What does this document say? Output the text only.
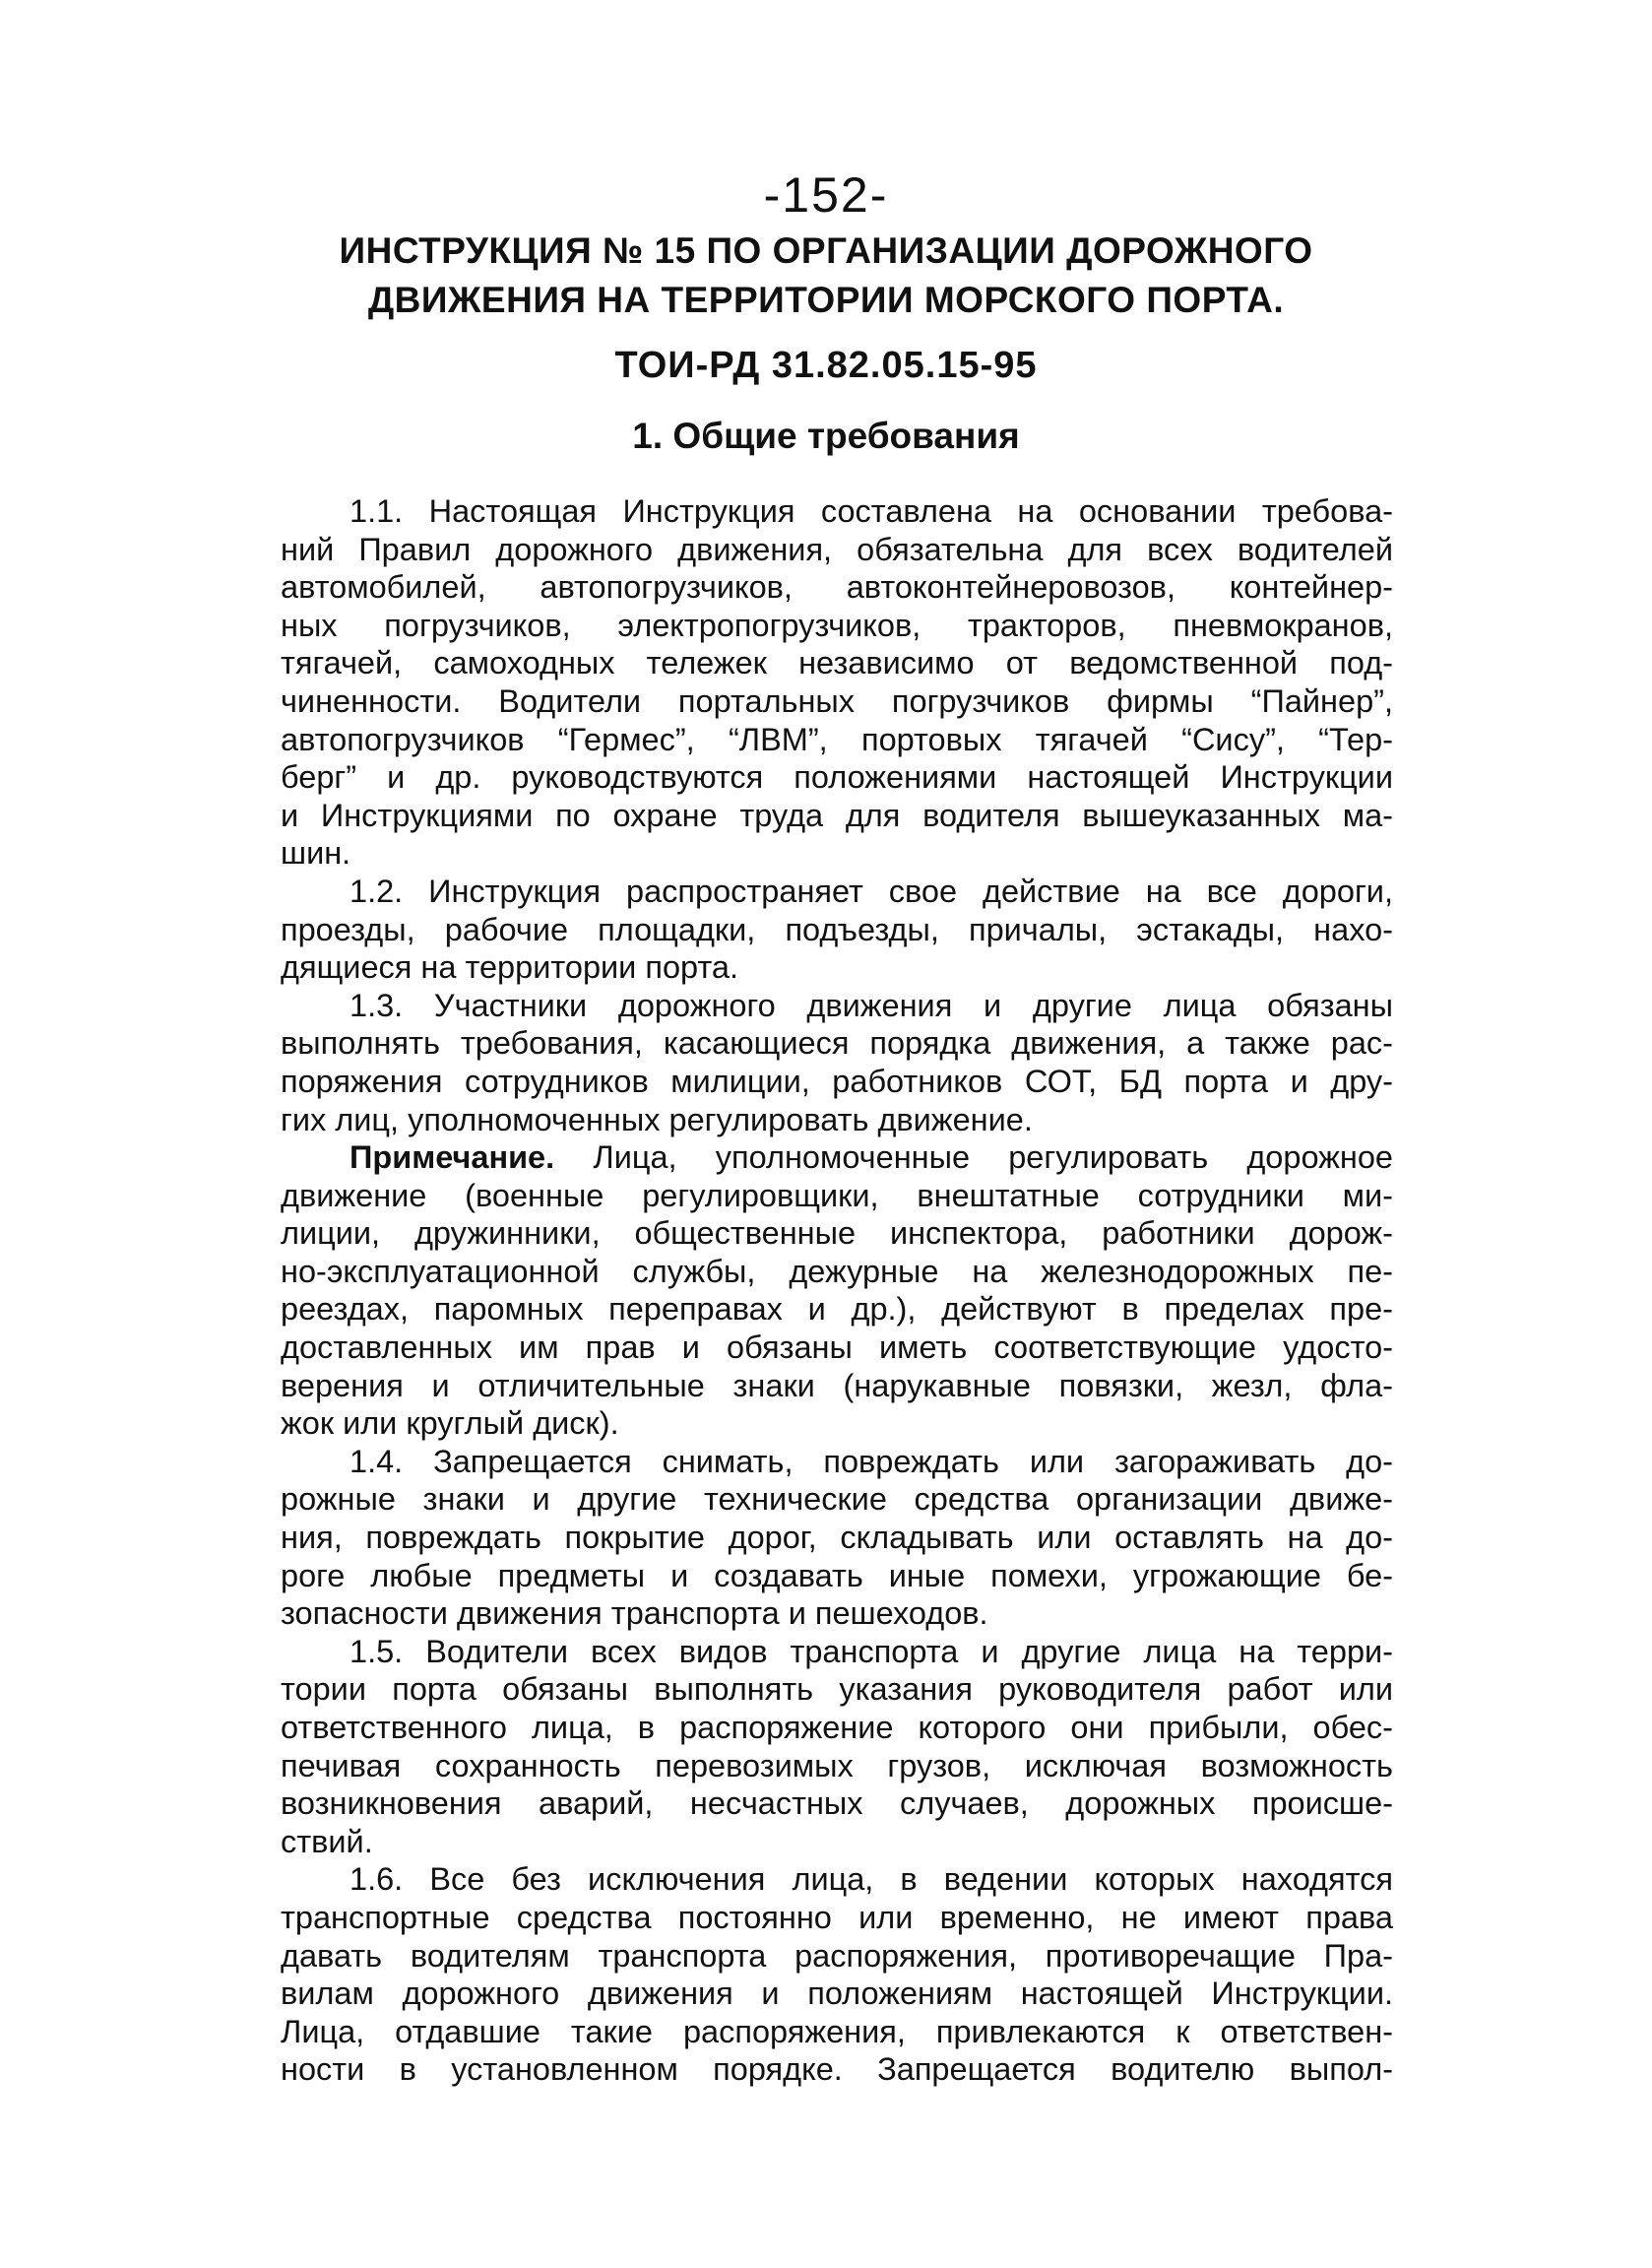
-152-
ИНСТРУКЦИЯ № 15 ПО ОРГАНИЗАЦИИ ДОРОЖНОГО
ДВИЖЕНИЯ НА ТЕРРИТОРИИ МОРСКОГО ПОРТА.
ТОИ-РД 31.82.05.15-95
1. Общие требования
1.1. Настоящая Инструкция составлена на основании требова-
ний Правил дорожного движения, обязательна для всех водителей
автомобилей, автопогрузчиков, автоконтейнеровозов, контейнер-
ных погрузчиков, электропогрузчиков, тракторов, пневмокранов,
тягачей, самоходных тележек независимо от ведомственной под-
чиненности. Водители портальных погрузчиков фирмы “Пайнер”,
автопогрузчиков “Гермес”, “ЛВМ”, портовых тягачей “Сису”, “Тер-
берг” и др. руководствуются положениями настоящей Инструкции
и Инструкциями по охране труда для водителя вышеуказанных ма-
шин.
1.2. Инструкция распространяет свое действие на все дороги,
проезды, рабочие площадки, подъезды, причалы, эстакады, нахо-
дящиеся на территории порта.
1.3. Участники дорожного движения и другие лица обязаны
выполнять требования, касающиеся порядка движения, а также рас-
поряжения сотрудников милиции, работников СОТ, БД порта и дру-
гих лиц, уполномоченных регулировать движение.
Примечание. Лица, уполномоченные регулировать дорожное
движение (военные регулировщики, внештатные сотрудники ми-
лиции, дружинники, общественные инспектора, работники дорож-
но-эксплуатационной службы, дежурные на железнодорожных пе-
реездах, паромных переправах и др.), действуют в пределах пре-
доставленных им прав и обязаны иметь соответствующие удосто-
верения и отличительные знаки (нарукавные повязки, жезл, фла-
жок или круглый диск).
1.4. Запрещается снимать, повреждать или загораживать до-
рожные знаки и другие технические средства организации движе-
ния, повреждать покрытие дорог, складывать или оставлять на до-
роге любые предметы и создавать иные помехи, угрожающие бе-
зопасности движения транспорта и пешеходов.
1.5. Водители всех видов транспорта и другие лица на терри-
тории порта обязаны выполнять указания руководителя работ или
ответственного лица, в распоряжение которого они прибыли, обес-
печивая сохранность перевозимых грузов, исключая возможность
возникновения аварий, несчастных случаев, дорожных происше-
ствий.
1.6. Все без исключения лица, в ведении которых находятся
транспортные средства постоянно или временно, не имеют права
давать водителям транспорта распоряжения, противоречащие Пра-
вилам дорожного движения и положениям настоящей Инструкции.
Лица, отдавшие такие распоряжения, привлекаются к ответствен-
ности в установленном порядке. Запрещается водителю выпол-
